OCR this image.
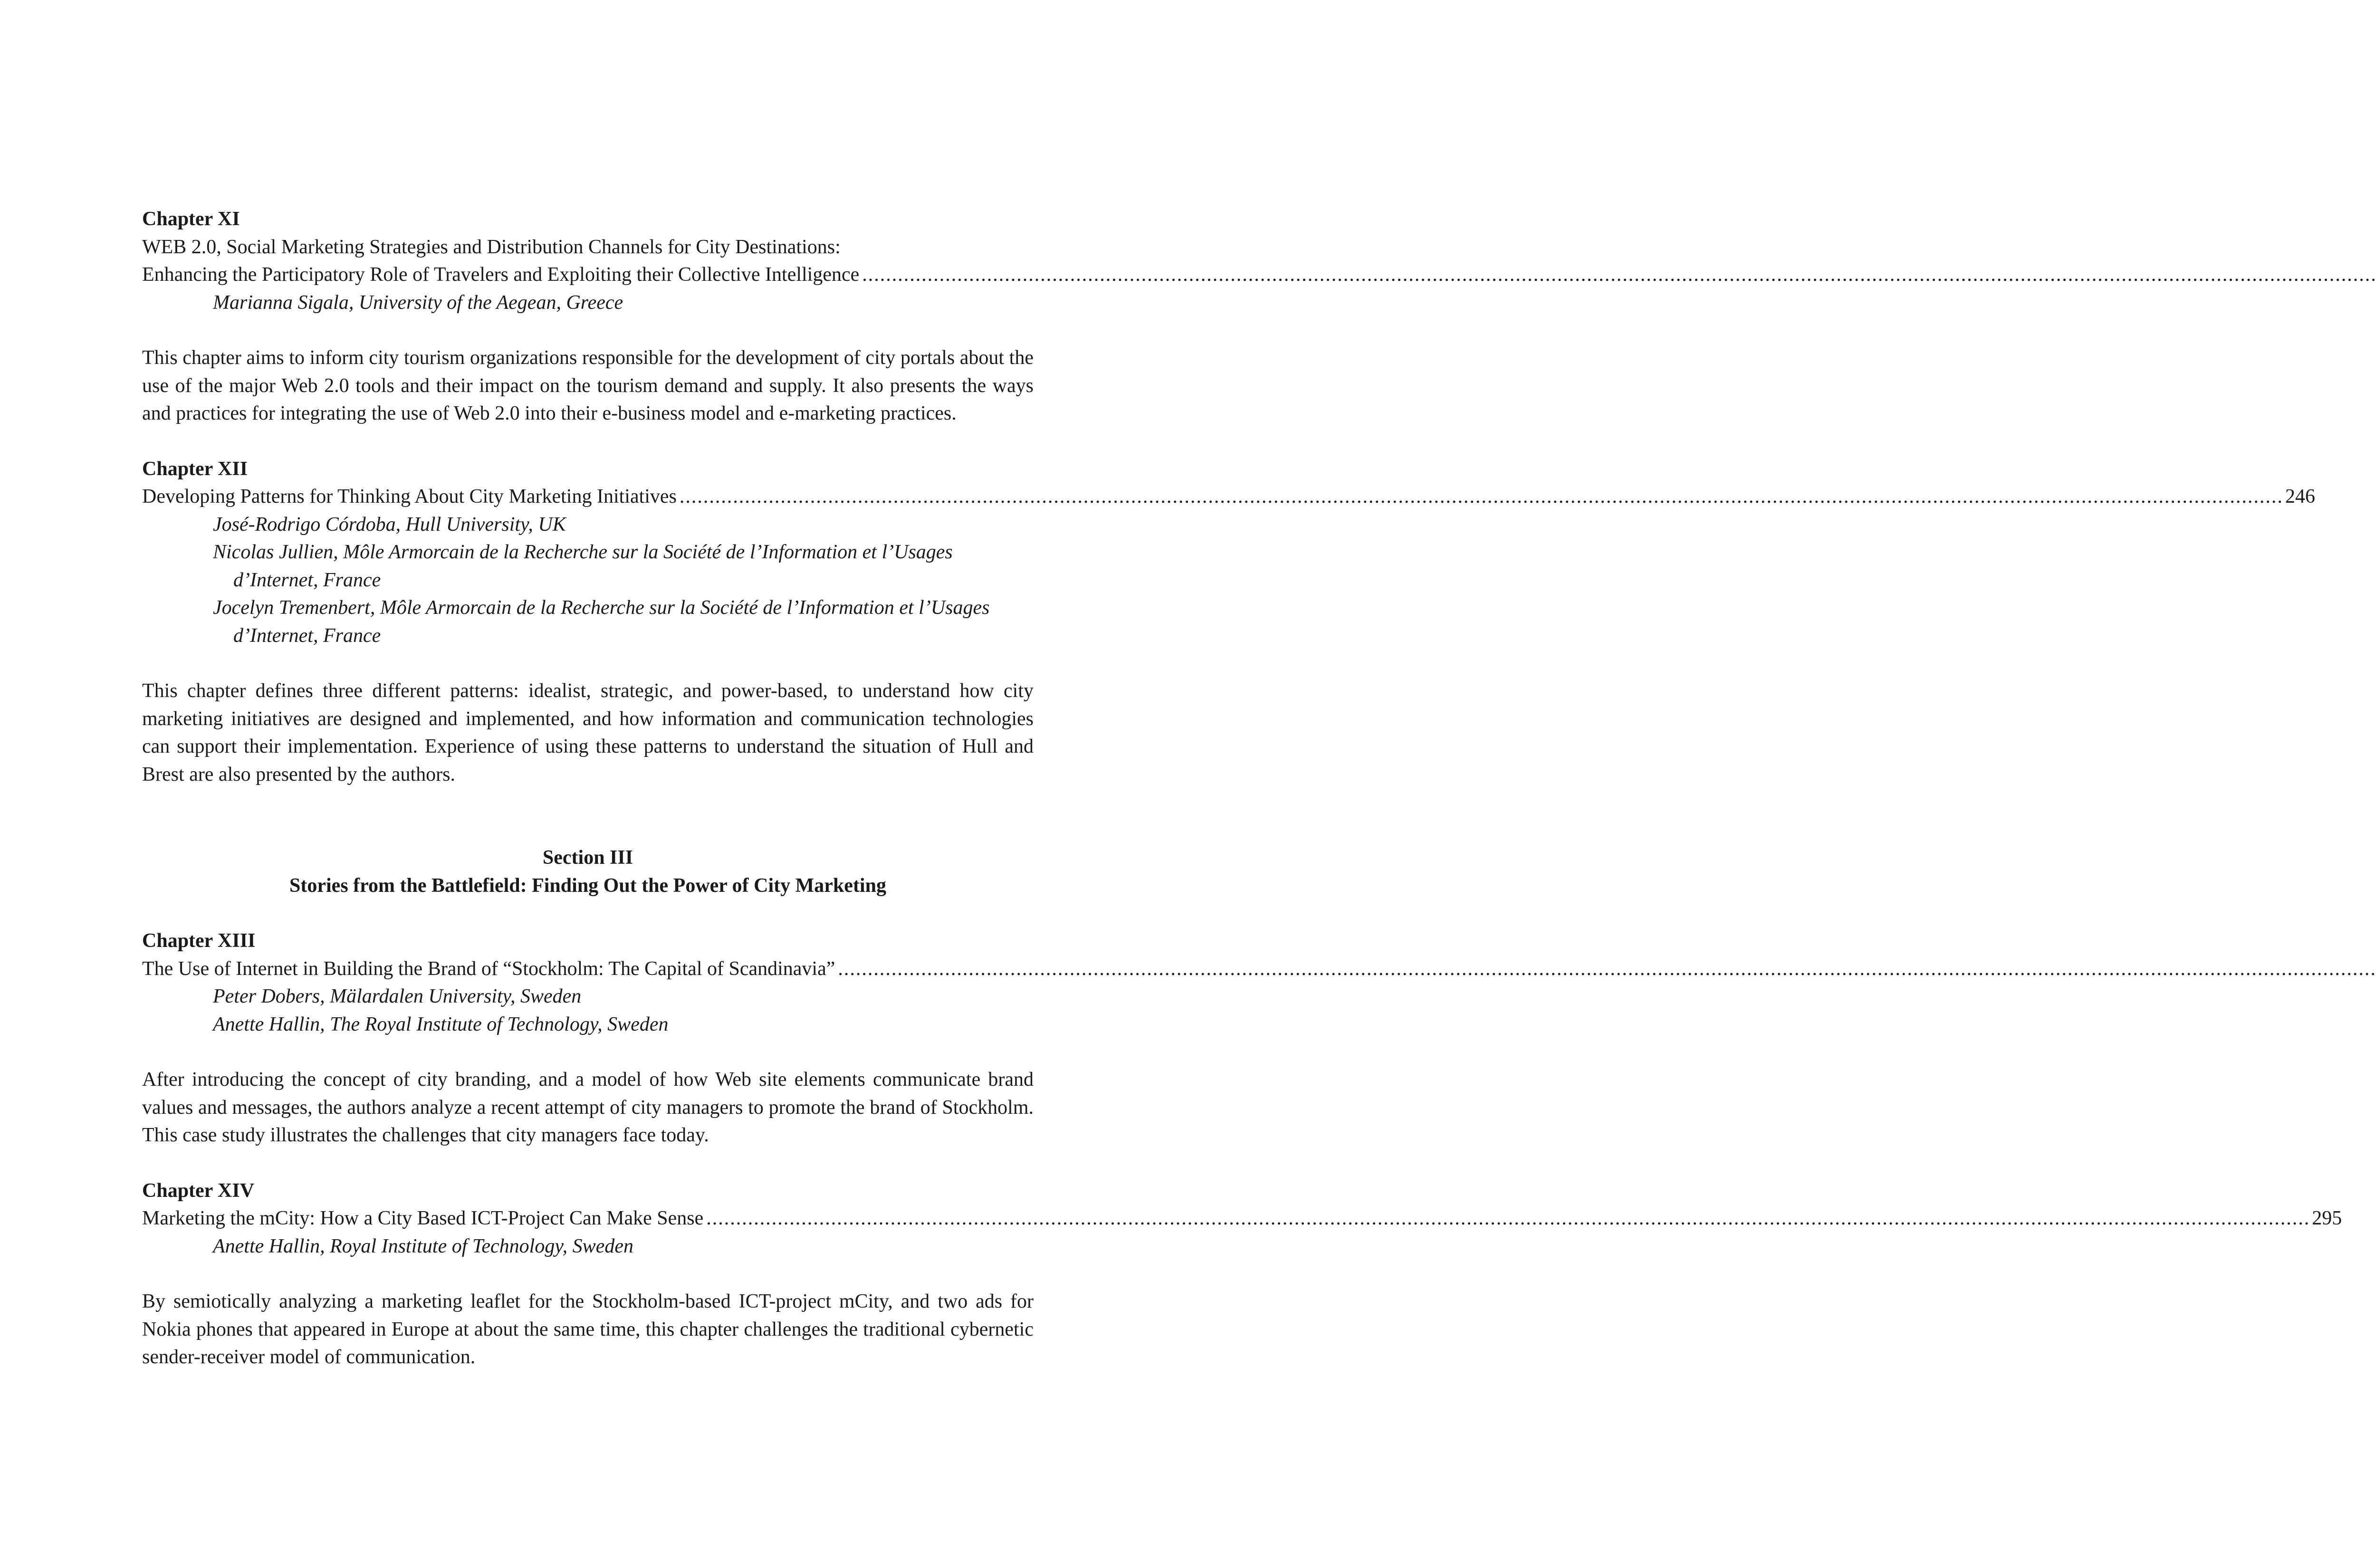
Chapter XI

WEB 2.0, Social Marketing Strategies and Distribution Channels for City Destinations:

Enhancing the Participatory Role of Travelers and Exploiting their Collective Intelligence
.....

Marianna Sigala, University of the Aegean, Greece

This chapter aims to inform city tourism organizations responsible for the development of city portals about the use of the major Web 2.0 tools and their impact on the tourism demand and supply. It also presents the ways and practices for integrating the use of Web 2.0 into their e-business model and e-marketing practices.

Chapter XII

Developing Patterns for Thinking About City Marketing Initiatives .....	246

José-Rodrigo Córdoba, Hull University, UK

Nicolas Jullien, Môle Armorcain de la Recherche sur la Société de l’Information et l’Usages d’Internet, France

Jocelyn Tremenbert, Môle Armorcain de la Recherche sur la Société de l’Information et l’Usages d’Internet, France

This chapter defines three different patterns: idealist, strategic, and power-based, to understand how city marketing initiatives are designed and implemented, and how information and communication technologies can support their implementation. Experience of using these patterns to understand the situation of Hull and Brest are also presented by the authors.

Section III

Stories from the Battlefield: Finding Out the Power of City Marketing

Chapter XIII

The Use of Internet in Building the Brand of “Stockholm: The Capital of Scandinavia”
.....

Peter Dobers, Mälardalen University, Sweden

Anette Hallin, The Royal Institute of Technology, Sweden

After introducing the concept of city branding, and a model of how Web site elements communicate brand values and messages, the authors analyze a recent attempt of city managers to promote the brand of Stockholm. This case study illustrates the challenges that city managers face today.

Chapter XIV

Marketing the mCity: How a City Based ICT-Project Can Make Sense .....	295

Anette Hallin, Royal Institute of Technology, Sweden

By semiotically analyzing a marketing leaflet for the Stockholm-based ICT-project mCity, and two ads for Nokia phones that appeared in Europe at about the same time, this chapter challenges the traditional cybernetic sender-receiver model of communication.
